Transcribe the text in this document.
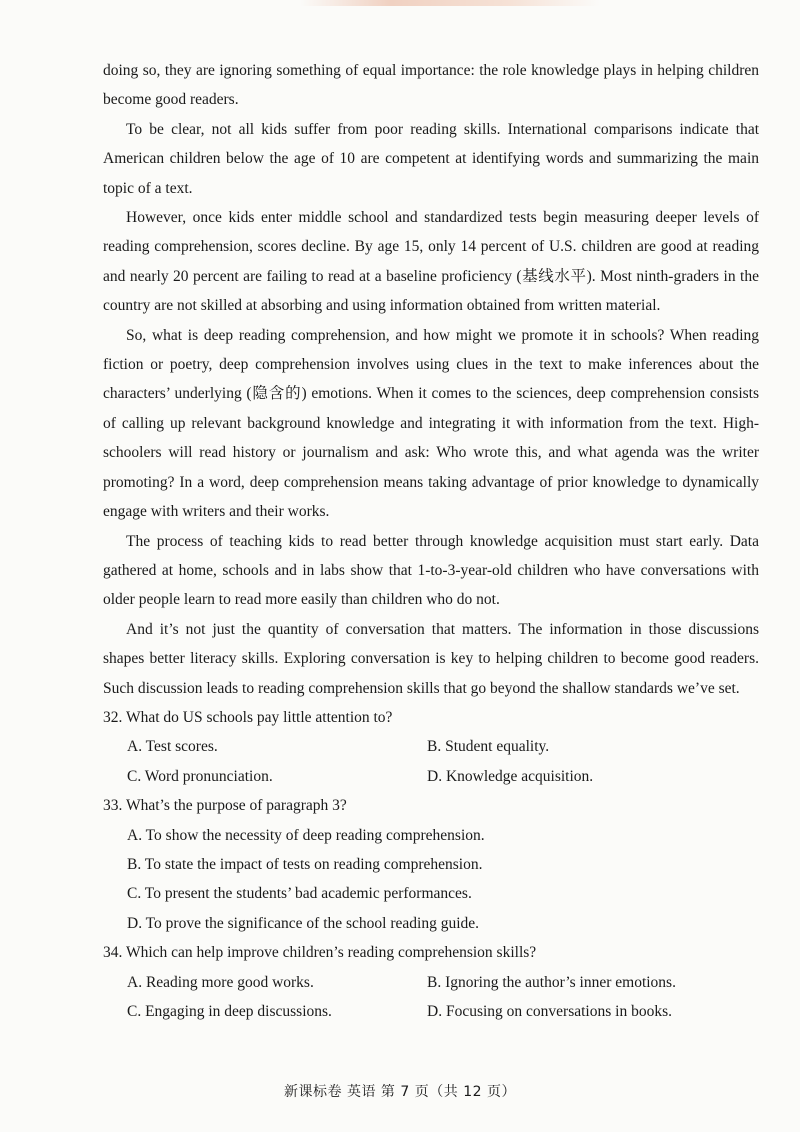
doing so, they are ignoring something of equal importance: the role knowledge plays in helping children become good readers.

To be clear, not all kids suffer from poor reading skills. International comparisons indicate that American children below the age of 10 are competent at identifying words and summarizing the main topic of a text.

However, once kids enter middle school and standardized tests begin measuring deeper levels of reading comprehension, scores decline. By age 15, only 14 percent of U.S. children are good at reading and nearly 20 percent are failing to read at a baseline proficiency (基线水平). Most ninth-graders in the country are not skilled at absorbing and using information obtained from written material.

So, what is deep reading comprehension, and how might we promote it in schools? When reading fiction or poetry, deep comprehension involves using clues in the text to make inferences about the characters’ underlying (隐含的) emotions. When it comes to the sciences, deep comprehension consists of calling up relevant background knowledge and integrating it with information from the text. High-schoolers will read history or journalism and ask: Who wrote this, and what agenda was the writer promoting? In a word, deep comprehension means taking advantage of prior knowledge to dynamically engage with writers and their works.

The process of teaching kids to read better through knowledge acquisition must start early. Data gathered at home, schools and in labs show that 1-to-3-year-old children who have conversations with older people learn to read more easily than children who do not.

And it’s not just the quantity of conversation that matters. The information in those discussions shapes better literacy skills. Exploring conversation is key to helping children to become good readers. Such discussion leads to reading comprehension skills that go beyond the shallow standards we’ve set.

32. What do US schools pay little attention to?

A. Test scores.	B. Student equality.
C. Word pronunciation.	D. Knowledge acquisition.

33. What’s the purpose of paragraph 3?

A. To show the necessity of deep reading comprehension.
B. To state the impact of tests on reading comprehension.
C. To present the students’ bad academic performances.
D. To prove the significance of the school reading guide.

34. Which can help improve children’s reading comprehension skills?

A. Reading more good works.	B. Ignoring the author’s inner emotions.
C. Engaging in deep discussions.	D. Focusing on conversations in books.
新课标卷 英语 第 7 页（共 12 页）
